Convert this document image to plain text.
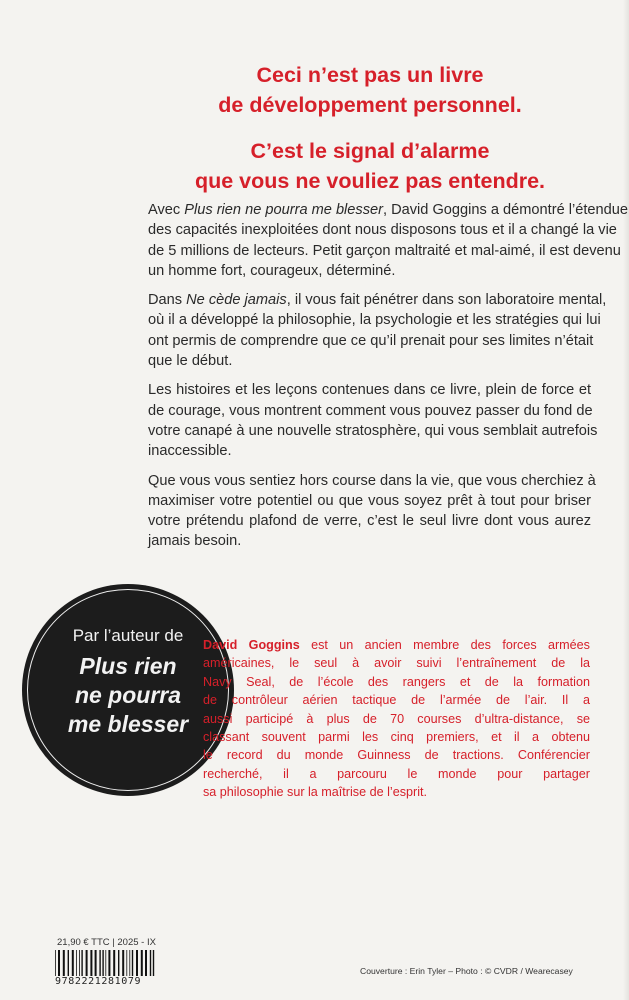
Ceci n’est pas un livre
de développement personnel.
C’est le signal d’alarme
que vous ne vouliez pas entendre.
Avec Plus rien ne pourra me blesser, David Goggins a démontré l’étendue
des capacités inexploitées dont nous disposons tous et il a changé la vie
de 5 millions de lecteurs. Petit garçon maltraité et mal-aimé, il est devenu
un homme fort, courageux, déterminé.
Dans Ne cède jamais, il vous fait pénétrer dans son laboratoire mental,
où il a développé la philosophie, la psychologie et les stratégies qui lui
ont permis de comprendre que ce qu’il prenait pour ses limites n’était
que le début.
Les histoires et les leçons contenues dans ce livre, plein de force et
de courage, vous montrent comment vous pouvez passer du fond de
votre canapé à une nouvelle stratosphère, qui vous semblait autrefois
inaccessible.
Que vous vous sentiez hors course dans la vie, que vous cherchiez à
maximiser votre potentiel ou que vous soyez prêt à tout pour briser
votre prétendu plafond de verre, c’est le seul livre dont vous aurez
jamais besoin.
Par l’auteur de
Plus rien
ne pourra
me blesser
David Goggins est un ancien membre des forces armées
américaines, le seul à avoir suivi l’entraînement de la
Navy Seal, de l’école des rangers et de la formation
de contrôleur aérien tactique de l’armée de l’air. Il a
aussi participé à plus de 70 courses d’ultra-distance, se
classant souvent parmi les cinq premiers, et il a obtenu
le record du monde Guinness de tractions. Conférencier
recherché, il a parcouru le monde pour partager
sa philosophie sur la maîtrise de l’esprit.
21,90 € TTC | 2025 - IX
9782221281079
Couverture : Erin Tyler – Photo : © CVDR / Wearecasey
